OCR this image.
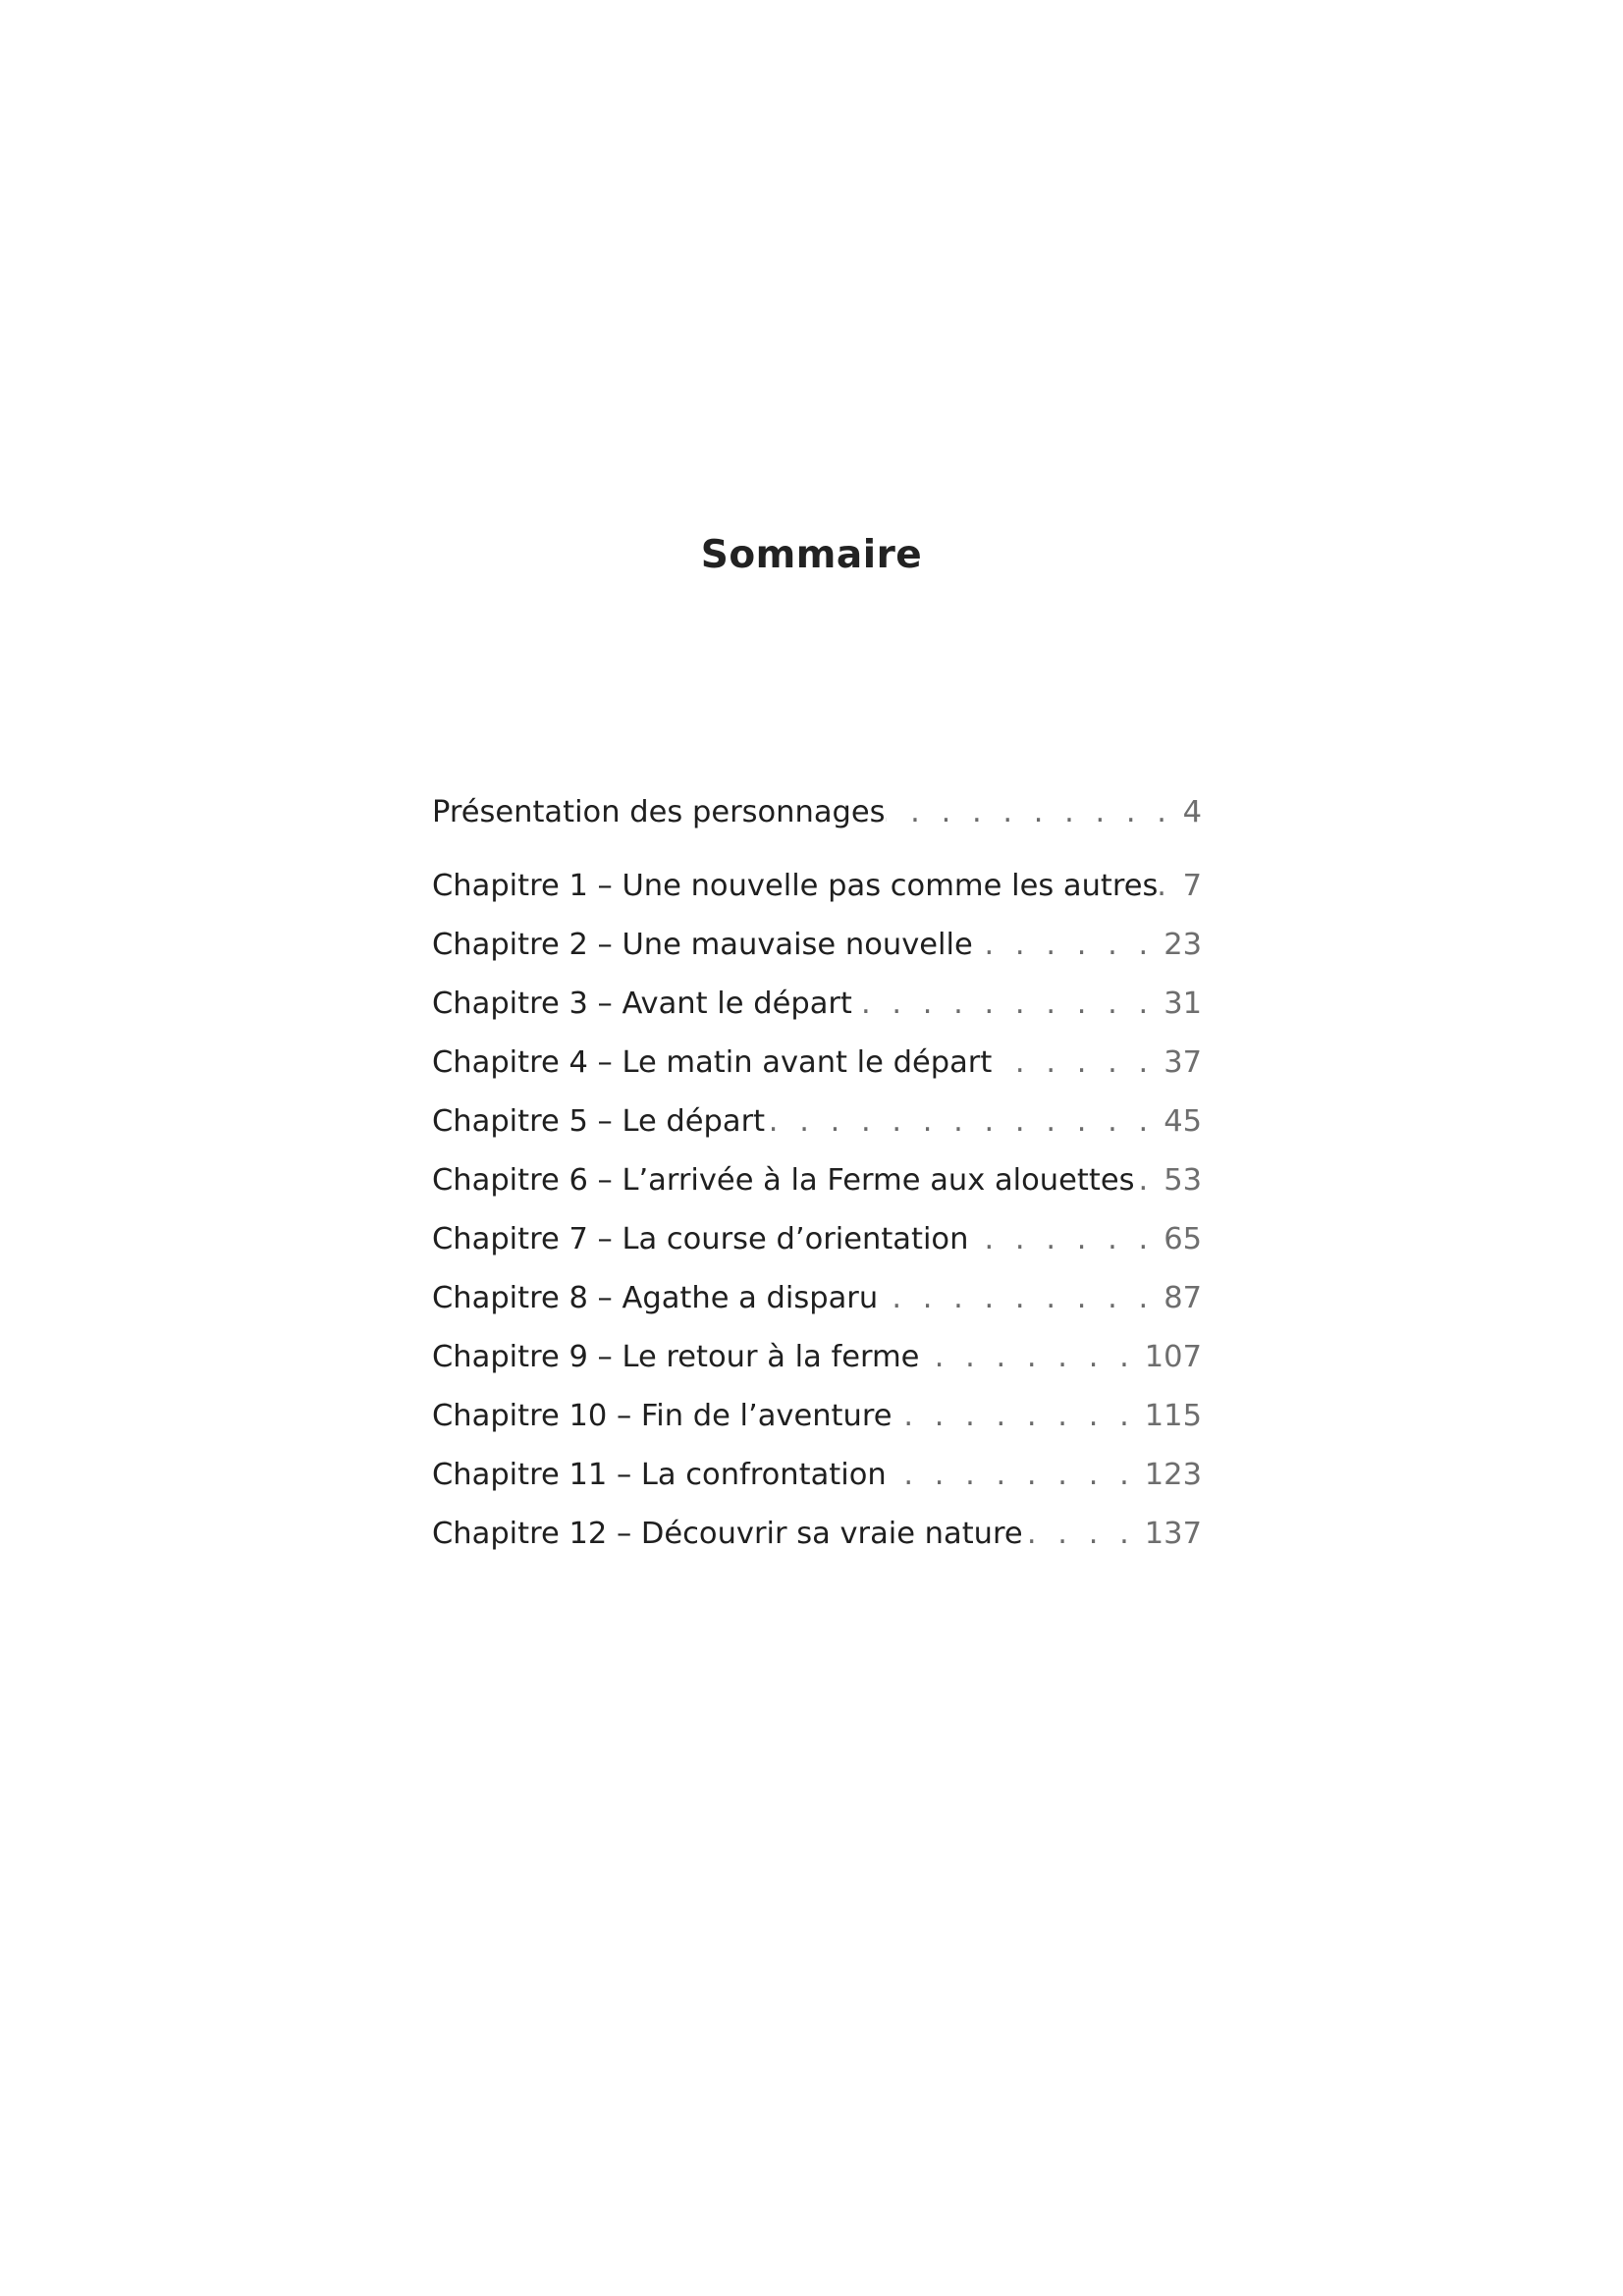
Sommaire
Présentation des personnages . . .	4
Chapitre 1 – Une nouvelle pas comme les autres . . . 7
Chapitre 2 – Une mauvaise nouvelle . . .	23
Chapitre 3 – Avant le départ . . .	31
Chapitre 4 – Le matin avant le départ . . .	37
Chapitre 5 – Le départ . . .	45
Chapitre 6 – L’arrivée à la Ferme aux alouettes . . . 53
Chapitre 7 – La course d’orientation . . .	65
Chapitre 8 – Agathe a disparu . . .	87
Chapitre 9 – Le retour à la ferme . . .	107
Chapitre 10 – Fin de l’aventure . . .	115
Chapitre 11 – La confrontation . . .	123
Chapitre 12 – Découvrir sa vraie nature . . .	137
